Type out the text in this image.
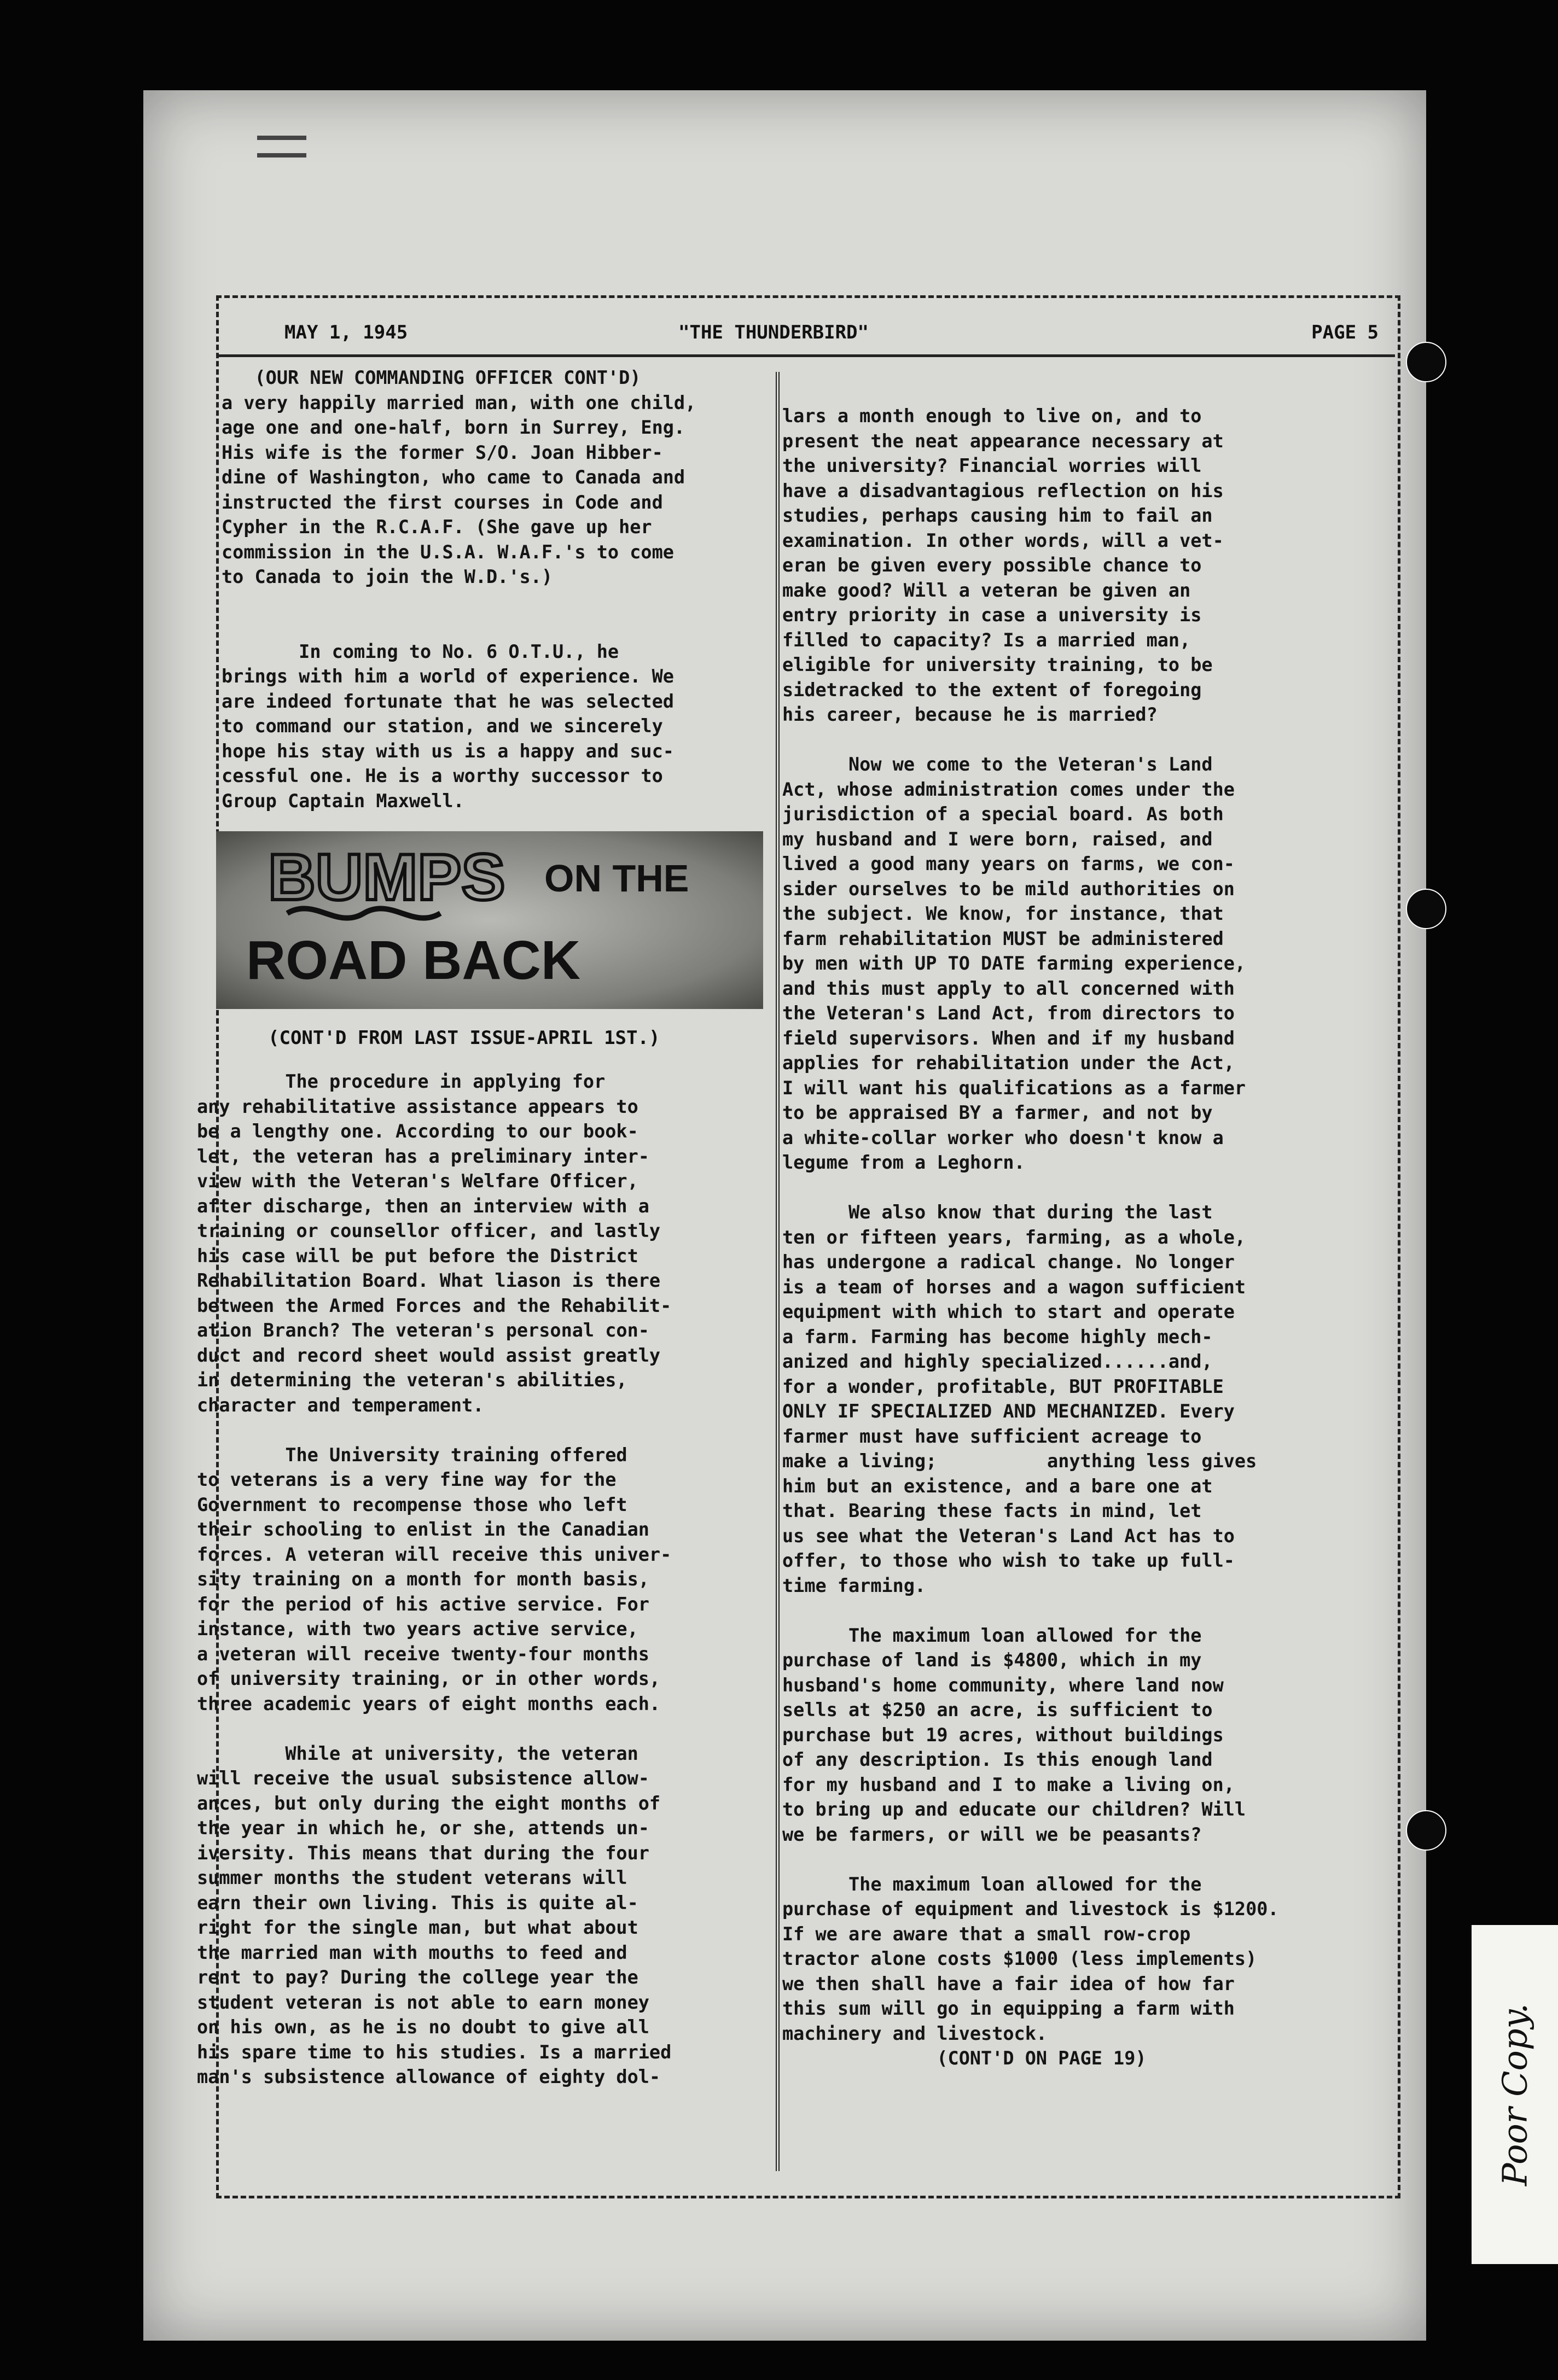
MAY 1, 1945	"THE THUNDERBIRD"	PAGE 5
(OUR NEW COMMANDING OFFICER CONT'D)
a very happily married man, with one child,
age one and one-half, born in Surrey, Eng.
His wife is the former S/O. Joan Hibber-
dine of Washington, who came to Canada and
instructed the first courses in Code and
Cypher in the R.C.A.F. (She gave up her
commission in the U.S.A. W.A.F.'s to come
to Canada to join the W.D.'s.)

In coming to No. 6 O.T.U., he
brings with him a world of experience. We
are indeed fortunate that he was selected
to command our station, and we sincerely
hope his stay with us is a happy and suc-
cessful one. He is a worthy successor to
Group Captain Maxwell.
BUMPS ON THE
ROAD BACK
(CONT'D FROM LAST ISSUE-APRIL 1ST.)
The procedure in applying for
any rehabilitative assistance appears to
be a lengthy one. According to our book-
let, the veteran has a preliminary inter-
view with the Veteran's Welfare Officer,
after discharge, then an interview with a
training or counsellor officer, and lastly
his case will be put before the District
Rehabilitation Board. What liason is there
between the Armed Forces and the Rehabilit-
ation Branch? The veteran's personal con-
duct and record sheet would assist greatly
in determining the veteran's abilities,
character and temperament.

The University training offered
to veterans is a very fine way for the
Government to recompense those who left
their schooling to enlist in the Canadian
forces. A veteran will receive this univer-
sity training on a month for month basis,
for the period of his active service. For
instance, with two years active service,
a veteran will receive twenty-four months
of university training, or in other words,
three academic years of eight months each.

While at university, the veteran
will receive the usual subsistence allow-
ances, but only during the eight months of
the year in which he, or she, attends un-
iversity. This means that during the four
summer months the student veterans will
earn their own living. This is quite al-
right for the single man, but what about
the married man with mouths to feed and
rent to pay? During the college year the
student veteran is not able to earn money
on his own, as he is no doubt to give all
his spare time to his studies. Is a married
man's subsistence allowance of eighty dol-
lars a month enough to live on, and to
present the neat appearance necessary at
the university? Financial worries will
have a disadvantagious reflection on his
studies, perhaps causing him to fail an
examination. In other words, will a vet-
eran be given every possible chance to
make good? Will a veteran be given an
entry priority in case a university is
filled to capacity? Is a married man,
eligible for university training, to be
sidetracked to the extent of foregoing
his career, because he is married?

Now we come to the Veteran's Land
Act, whose administration comes under the
jurisdiction of a special board. As both
my husband and I were born, raised, and
lived a good many years on farms, we con-
sider ourselves to be mild authorities on
the subject. We know, for instance, that
farm rehabilitation MUST be administered
by men with UP TO DATE farming experience,
and this must apply to all concerned with
the Veteran's Land Act, from directors to
field supervisors. When and if my husband
applies for rehabilitation under the Act,
I will want his qualifications as a farmer
to be appraised BY a farmer, and not by
a white-collar worker who doesn't know a
legume from a Leghorn.

We also know that during the last
ten or fifteen years, farming, as a whole,
has undergone a radical change. No longer
is a team of horses and a wagon sufficient
equipment with which to start and operate
a farm. Farming has become highly mech-
anized and highly specialized......and,
for a wonder, profitable, BUT PROFITABLE
ONLY IF SPECIALIZED AND MECHANIZED. Every
farmer must have sufficient acreage to
make a living;          anything less gives
him but an existence, and a bare one at
that. Bearing these facts in mind, let
us see what the Veteran's Land Act has to
offer, to those who wish to take up full-
time farming.

The maximum loan allowed for the
purchase of land is $4800, which in my
husband's home community, where land now
sells at $250 an acre, is sufficient to
purchase but 19 acres, without buildings
of any description. Is this enough land
for my husband and I to make a living on,
to bring up and educate our children? Will
we be farmers, or will we be peasants?

The maximum loan allowed for the
purchase of equipment and livestock is $1200.
If we are aware that a small row-crop
tractor alone costs $1000 (less implements)
we then shall have a fair idea of how far
this sum will go in equipping a farm with
machinery and livestock.
(CONT'D ON PAGE 19)	Poor Copy.
